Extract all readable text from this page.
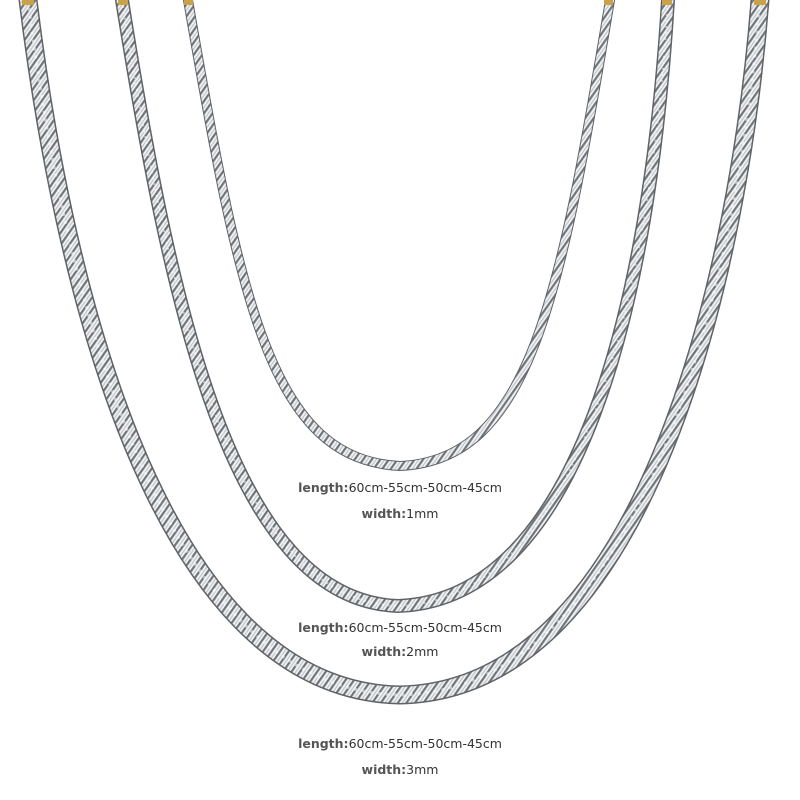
length:60cm-55cm-50cm-45cm
width:1mm
length:60cm-55cm-50cm-45cm
width:2mm
length:60cm-55cm-50cm-45cm
width:3mm
